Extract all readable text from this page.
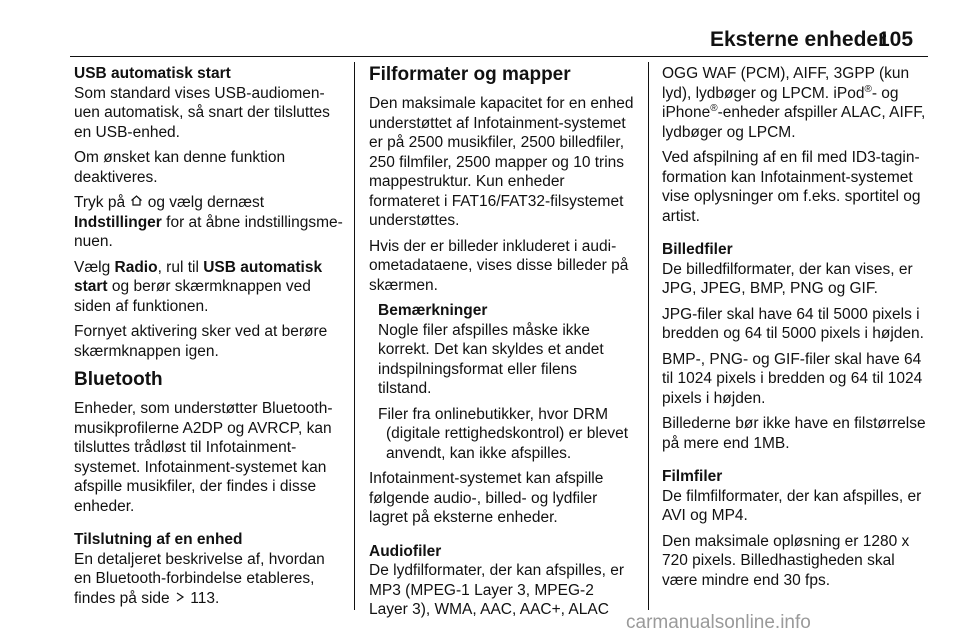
Eksterne enheder
105
USB automatisk start

Som standard vises USB-audiomenuen automatisk, så snart der tilsluttes en USB-enhed.

Om ønsket kan denne funktion deaktiveres.

Tryk på  og vælg dernæst Indstillinger for at åbne indstillingsmenuen.

Vælg Radio, rul til USB automatisk start og berør skærmknappen ved siden af funktionen.

Fornyet aktivering sker ved at berøre skærmknappen igen.

Bluetooth

Enheder, som understøtter Bluetooth-musikprofilerne A2DP og AVRCP, kan tilsluttes trådløst til Infotainment-systemet. Infotainment-systemet kan afspille musikfiler, der findes i disse enheder.

Tilslutning af en enhed

En detaljeret beskrivelse af, hvordan en Bluetooth-forbindelse etableres, findes på side  113.

Filformater og mapper

Den maksimale kapacitet for en enhed understøttet af Infotainment-systemet er på 2500 musikfiler, 2500 billedfiler, 250 filmfiler, 2500 mapper og 10 trins mappestruktur. Kun enheder formateret i FAT16/FAT32-filsystemet understøttes.

Hvis der er billeder inkluderet i audiometadataene, vises disse billeder på skærmen.

Bemærkninger

Nogle filer afspilles måske ikke korrekt. Det kan skyldes et andet indspilningsformat eller filens tilstand.

Filer fra onlinebutikker, hvor DRM (digitale rettighedskontrol) er blevet anvendt, kan ikke afspilles.

Infotainment-systemet kan afspille følgende audio-, billed- og lydfiler lagret på eksterne enheder.

Audiofiler

De lydfilformater, der kan afspilles, er MP3 (MPEG-1 Layer 3, MPEG-2 Layer 3), WMA, AAC, AAC+, ALAC

OGG WAF (PCM), AIFF, 3GPP (kun lyd), lydbøger og LPCM. iPod®- og iPhone®-enheder afspiller ALAC, AIFF, lydbøger og LPCM.

Ved afspilning af en fil med ID3-taginformation kan Infotainment-systemet vise oplysninger om f.eks. sportitel og artist.

Billedfiler

De billedfilformater, der kan vises, er JPG, JPEG, BMP, PNG og GIF.

JPG-filer skal have 64 til 5000 pixels i bredden og 64 til 5000 pixels i højden.

BMP-, PNG- og GIF-filer skal have 64 til 1024 pixels i bredden og 64 til 1024 pixels i højden.

Billederne bør ikke have en filstørrelse på mere end 1MB.

Filmfiler

De filmfilformater, der kan afspilles, er AVI og MP4.

Den maksimale opløsning er 1280 x 720 pixels. Billedhastigheden skal være mindre end 30 fps.

carmanualsonline.info
